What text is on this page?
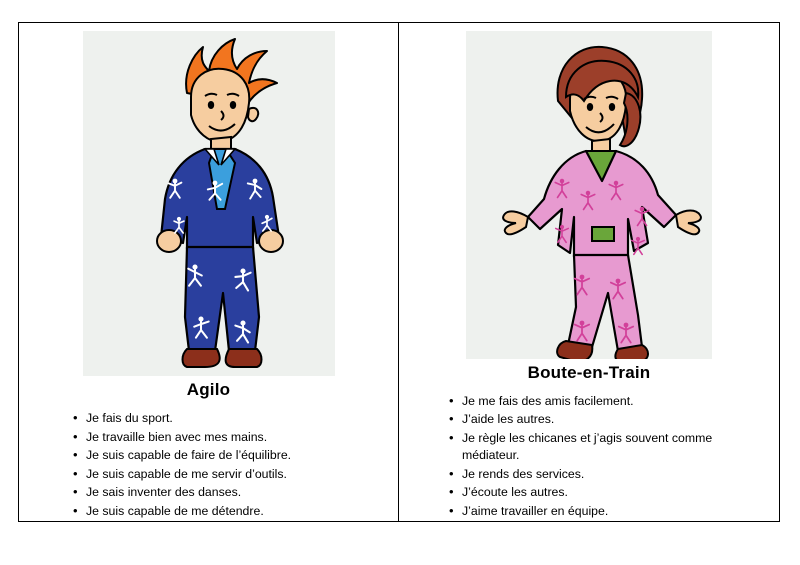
Agilo
• Je fais du sport.
• Je travaille bien avec mes mains.
• Je suis capable de faire de l’équilibre.
• Je suis capable de me servir d’outils.
• Je sais inventer des danses.
• Je suis capable de me détendre.
Boute-en-Train
• Je me fais des amis facilement.
• J’aide les autres.
• Je règle les chicanes et j’agis souvent comme médiateur.
• Je rends des services.
• J’écoute les autres.
• J’aime travailler en équipe.
